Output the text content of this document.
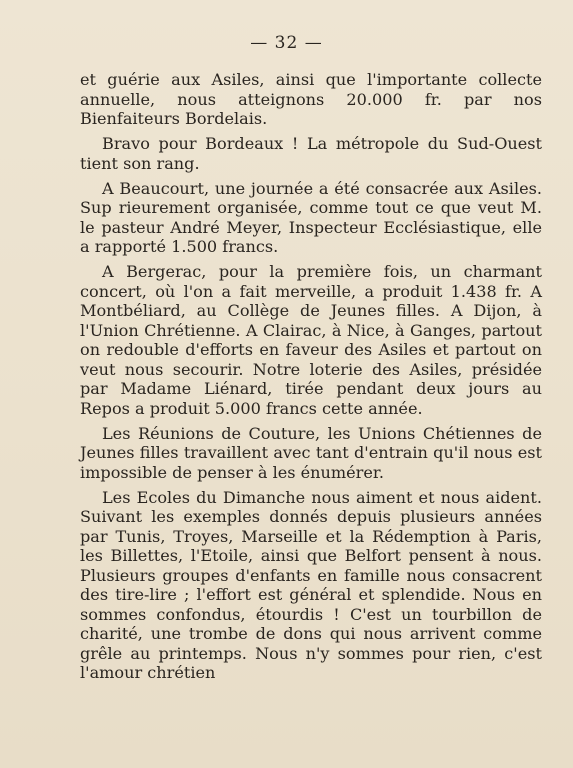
— 32 —

et guérie aux Asiles, ainsi que l'importante collecte annuelle, nous atteignons 20.000 fr. par nos Bienfaiteurs Bordelais.

Bravo pour Bordeaux ! La métropole du Sud-Ouest tient son rang.

A Beaucourt, une journée a été consacrée aux Asiles. Sup rieurement organisée, comme tout ce que veut M. le pasteur André Meyer, Inspecteur Ecclésiastique, elle a rapporté 1.500 francs.

A Bergerac, pour la première fois, un charmant concert, où l'on a fait merveille, a produit 1.438 fr. A Montbéliard, au Collège de Jeunes filles. A Dijon, à l'Union Chrétienne. A Clairac, à Nice, à Ganges, partout on redouble d'efforts en faveur des Asiles et partout on veut nous secourir. Notre loterie des Asiles, présidée par Madame Liénard, tirée pendant deux jours au Repos a produit 5.000 francs cette année.

Les Réunions de Couture, les Unions Chétiennes de Jeunes filles travaillent avec tant d'entrain qu'il nous est impossible de penser à les énumérer.

Les Ecoles du Dimanche nous aiment et nous aident. Suivant les exemples donnés depuis plusieurs années par Tunis, Troyes, Marseille et la Rédemption à Paris, les Billettes, l'Etoile, ainsi que Belfort pensent à nous. Plusieurs groupes d'enfants en famille nous consacrent des tire-lire ; l'effort est général et splendide. Nous en sommes confondus, étourdis ! C'est un tourbillon de charité, une trombe de dons qui nous arrivent comme grêle au printemps. Nous n'y sommes pour rien, c'est l'amour chrétien
